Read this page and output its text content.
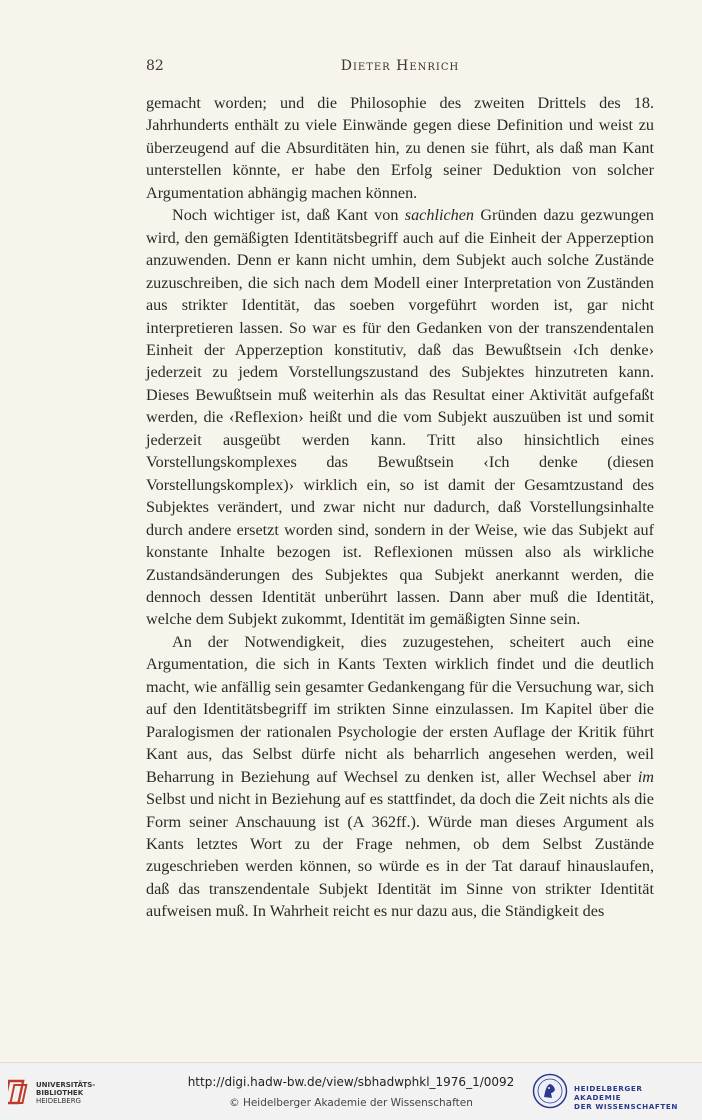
82	Dieter Henrich

gemacht worden; und die Philosophie des zweiten Drittels des 18. Jahrhunderts enthält zu viele Einwände gegen diese Definition und weist zu überzeugend auf die Absurditäten hin, zu denen sie führt, als daß man Kant unterstellen könnte, er habe den Erfolg seiner Deduktion von solcher Argumentation abhängig machen können.

Noch wichtiger ist, daß Kant von sachlichen Gründen dazu gezwungen wird, den gemäßigten Identitätsbegriff auch auf die Einheit der Apperzeption anzuwenden. Denn er kann nicht umhin, dem Subjekt auch solche Zustände zuzuschreiben, die sich nach dem Modell einer Interpretation von Zuständen aus strikter Identität, das soeben vorgeführt worden ist, gar nicht interpretieren lassen. So war es für den Gedanken von der transzendentalen Einheit der Apperzeption konstitutiv, daß das Bewußtsein ‹Ich denke› jederzeit zu jedem Vorstellungszustand des Subjektes hinzutreten kann. Dieses Bewußtsein muß weiterhin als das Resultat einer Aktivität aufgefaßt werden, die ‹Reflexion› heißt und die vom Subjekt auszuüben ist und somit jederzeit ausgeübt werden kann. Tritt also hinsichtlich eines Vorstellungskomplexes das Bewußtsein ‹Ich denke (diesen Vorstellungskomplex)› wirklich ein, so ist damit der Gesamtzustand des Subjektes verändert, und zwar nicht nur dadurch, daß Vorstellungsinhalte durch andere ersetzt worden sind, sondern in der Weise, wie das Subjekt auf konstante Inhalte bezogen ist. Reflexionen müssen also als wirkliche Zustandsänderungen des Subjektes qua Subjekt anerkannt werden, die dennoch dessen Identität unberührt lassen. Dann aber muß die Identität, welche dem Subjekt zukommt, Identität im gemäßigten Sinne sein.

An der Notwendigkeit, dies zuzugestehen, scheitert auch eine Argumentation, die sich in Kants Texten wirklich findet und die deutlich macht, wie anfällig sein gesamter Gedankengang für die Versuchung war, sich auf den Identitätsbegriff im strikten Sinne einzulassen. Im Kapitel über die Paralogismen der rationalen Psychologie der ersten Auflage der Kritik führt Kant aus, das Selbst dürfe nicht als beharrlich angesehen werden, weil Beharrung in Beziehung auf Wechsel zu denken ist, aller Wechsel aber im Selbst und nicht in Beziehung auf es stattfindet, da doch die Zeit nichts als die Form seiner Anschauung ist (A 362ff.). Würde man dieses Argument als Kants letztes Wort zu der Frage nehmen, ob dem Selbst Zustände zugeschrieben werden können, so würde es in der Tat darauf hinauslaufen, daß das transzendentale Subjekt Identität im Sinne von strikter Identität aufweisen muß. In Wahrheit reicht es nur dazu aus, die Ständigkeit des

UNIVERSITÄTS-
BIBLIOTHEK
HEIDELBERG
http://digi.hadw-bw.de/view/sbhadwphkl_1976_1/0092
© Heidelberger Akademie der Wissenschaften
HEIDELBERGER AKADEMIE
DER WISSENSCHAFTEN
